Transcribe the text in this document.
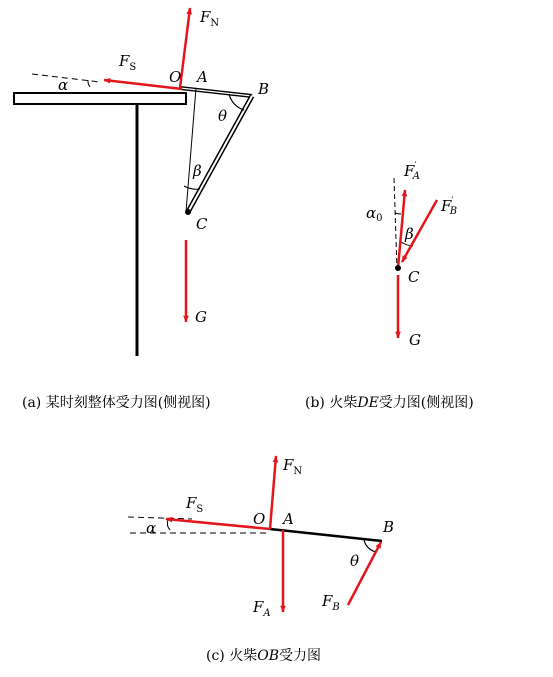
$F_N$
$F_S$
α	O A
B
θ
β
C
G
F′ A
F′ B
$\alpha_0$
β
C
G
(a) 某时刻整体受力图(侧视图)	(b) 火柴DE受力图(侧视图)
$F_N$
$F_S$
α	O A	B
θ
$F_A$
$F_B$
(c) 火柴OB受力图
